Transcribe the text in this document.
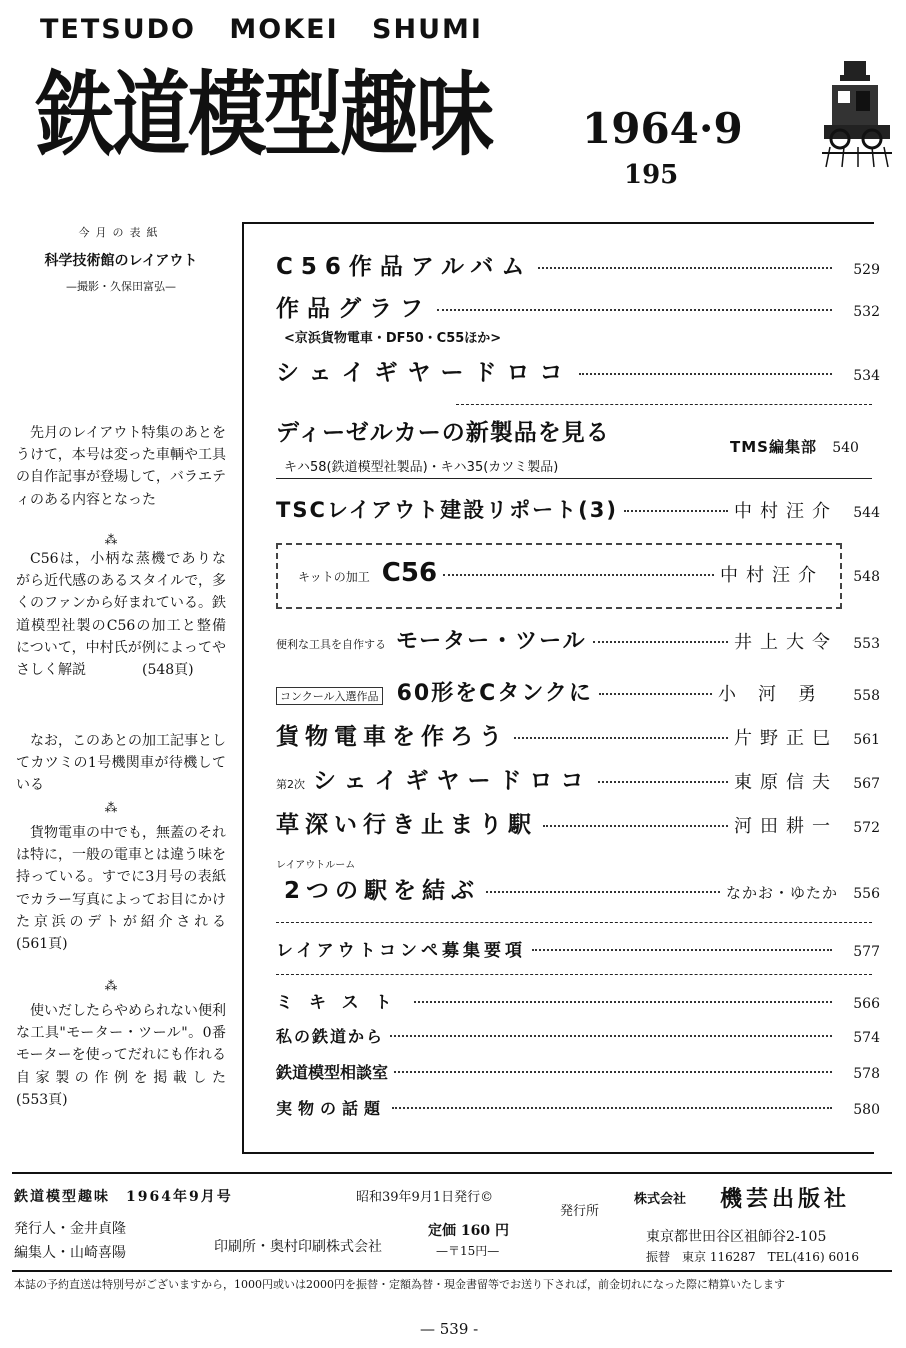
TETSUDO MOKEI SHUMI
鉄道模型趣味 1964·9
195
今月の表紙
科学技術館のレイアウト
—撮影・久保田富弘—
先月のレイアウト特集のあとをうけて，本号は変った車輌や工具の自作記事が登場して，バラエティのある内容となった
⁂
C56は，小柄な蒸機でありながら近代感のあるスタイルで，多くのファンから好まれている。鉄道模型社製のC56の加工と整備について，中村氏が例によってやさしく解説　　　　(548頁)
なお，このあとの加工記事としてカツミの1号機関車が待機している
⁂
貨物電車の中でも，無蓋のそれは特に，一般の電車とは違う味を持っている。すでに3月号の表紙でカラー写真によってお目にかけた京浜のデトが紹介される　(561頁)
⁂
使いだしたらやめられない便利な工具"モーター・ツール"。0番モーターを使ってだれにも作れる自家製の作例を掲載した　　　　　(553頁)
C56作品アルバム	529
作品グラフ	532
<京浜貨物電車・DF50・C55ほか>
シェイギヤードロコ	534
ディーゼルカーの新製品を見る
キハ58(鉄道模型社製品)・キハ35(カツミ製品)
TMS編集部	540
TSCレイアウト建設リポート(3)	中村汪介	544
キットの加工 C56	中村汪介	548
便利な工具を自作する モーター・ツール	井上大令	553
コンクール入選作品 60形をCタンクに	小河勇	558
貨物電車を作ろう	片野正巳	561
第2次 シェイギヤードロコ	東原信夫	567
草深い行き止まり駅	河田耕一	572
レイアウトルーム
2つの駅を結ぶ	なかお・ゆたか	556
レイアウトコンペ募集要項	577
ミキスト	566
私の鉄道から	574
鉄道模型相談室	578
実物の話題	580
鉄道模型趣味　1964年9月号	昭和39年9月1日発行©
発行所
株式会社 機芸出版社
発行人・金井貞隆
編集人・山崎喜陽	印刷所・奥村印刷株式会社
定価 160 円
—〒15円—
東京都世田谷区祖師谷2-105
振替　東京 116287　TEL(416) 6016
本誌の予約直送は特別号がございますから，1000円或いは2000円を振替・定額為替・現金書留等でお送り下されば，前金切れになった際に精算いたします
— 539 -
